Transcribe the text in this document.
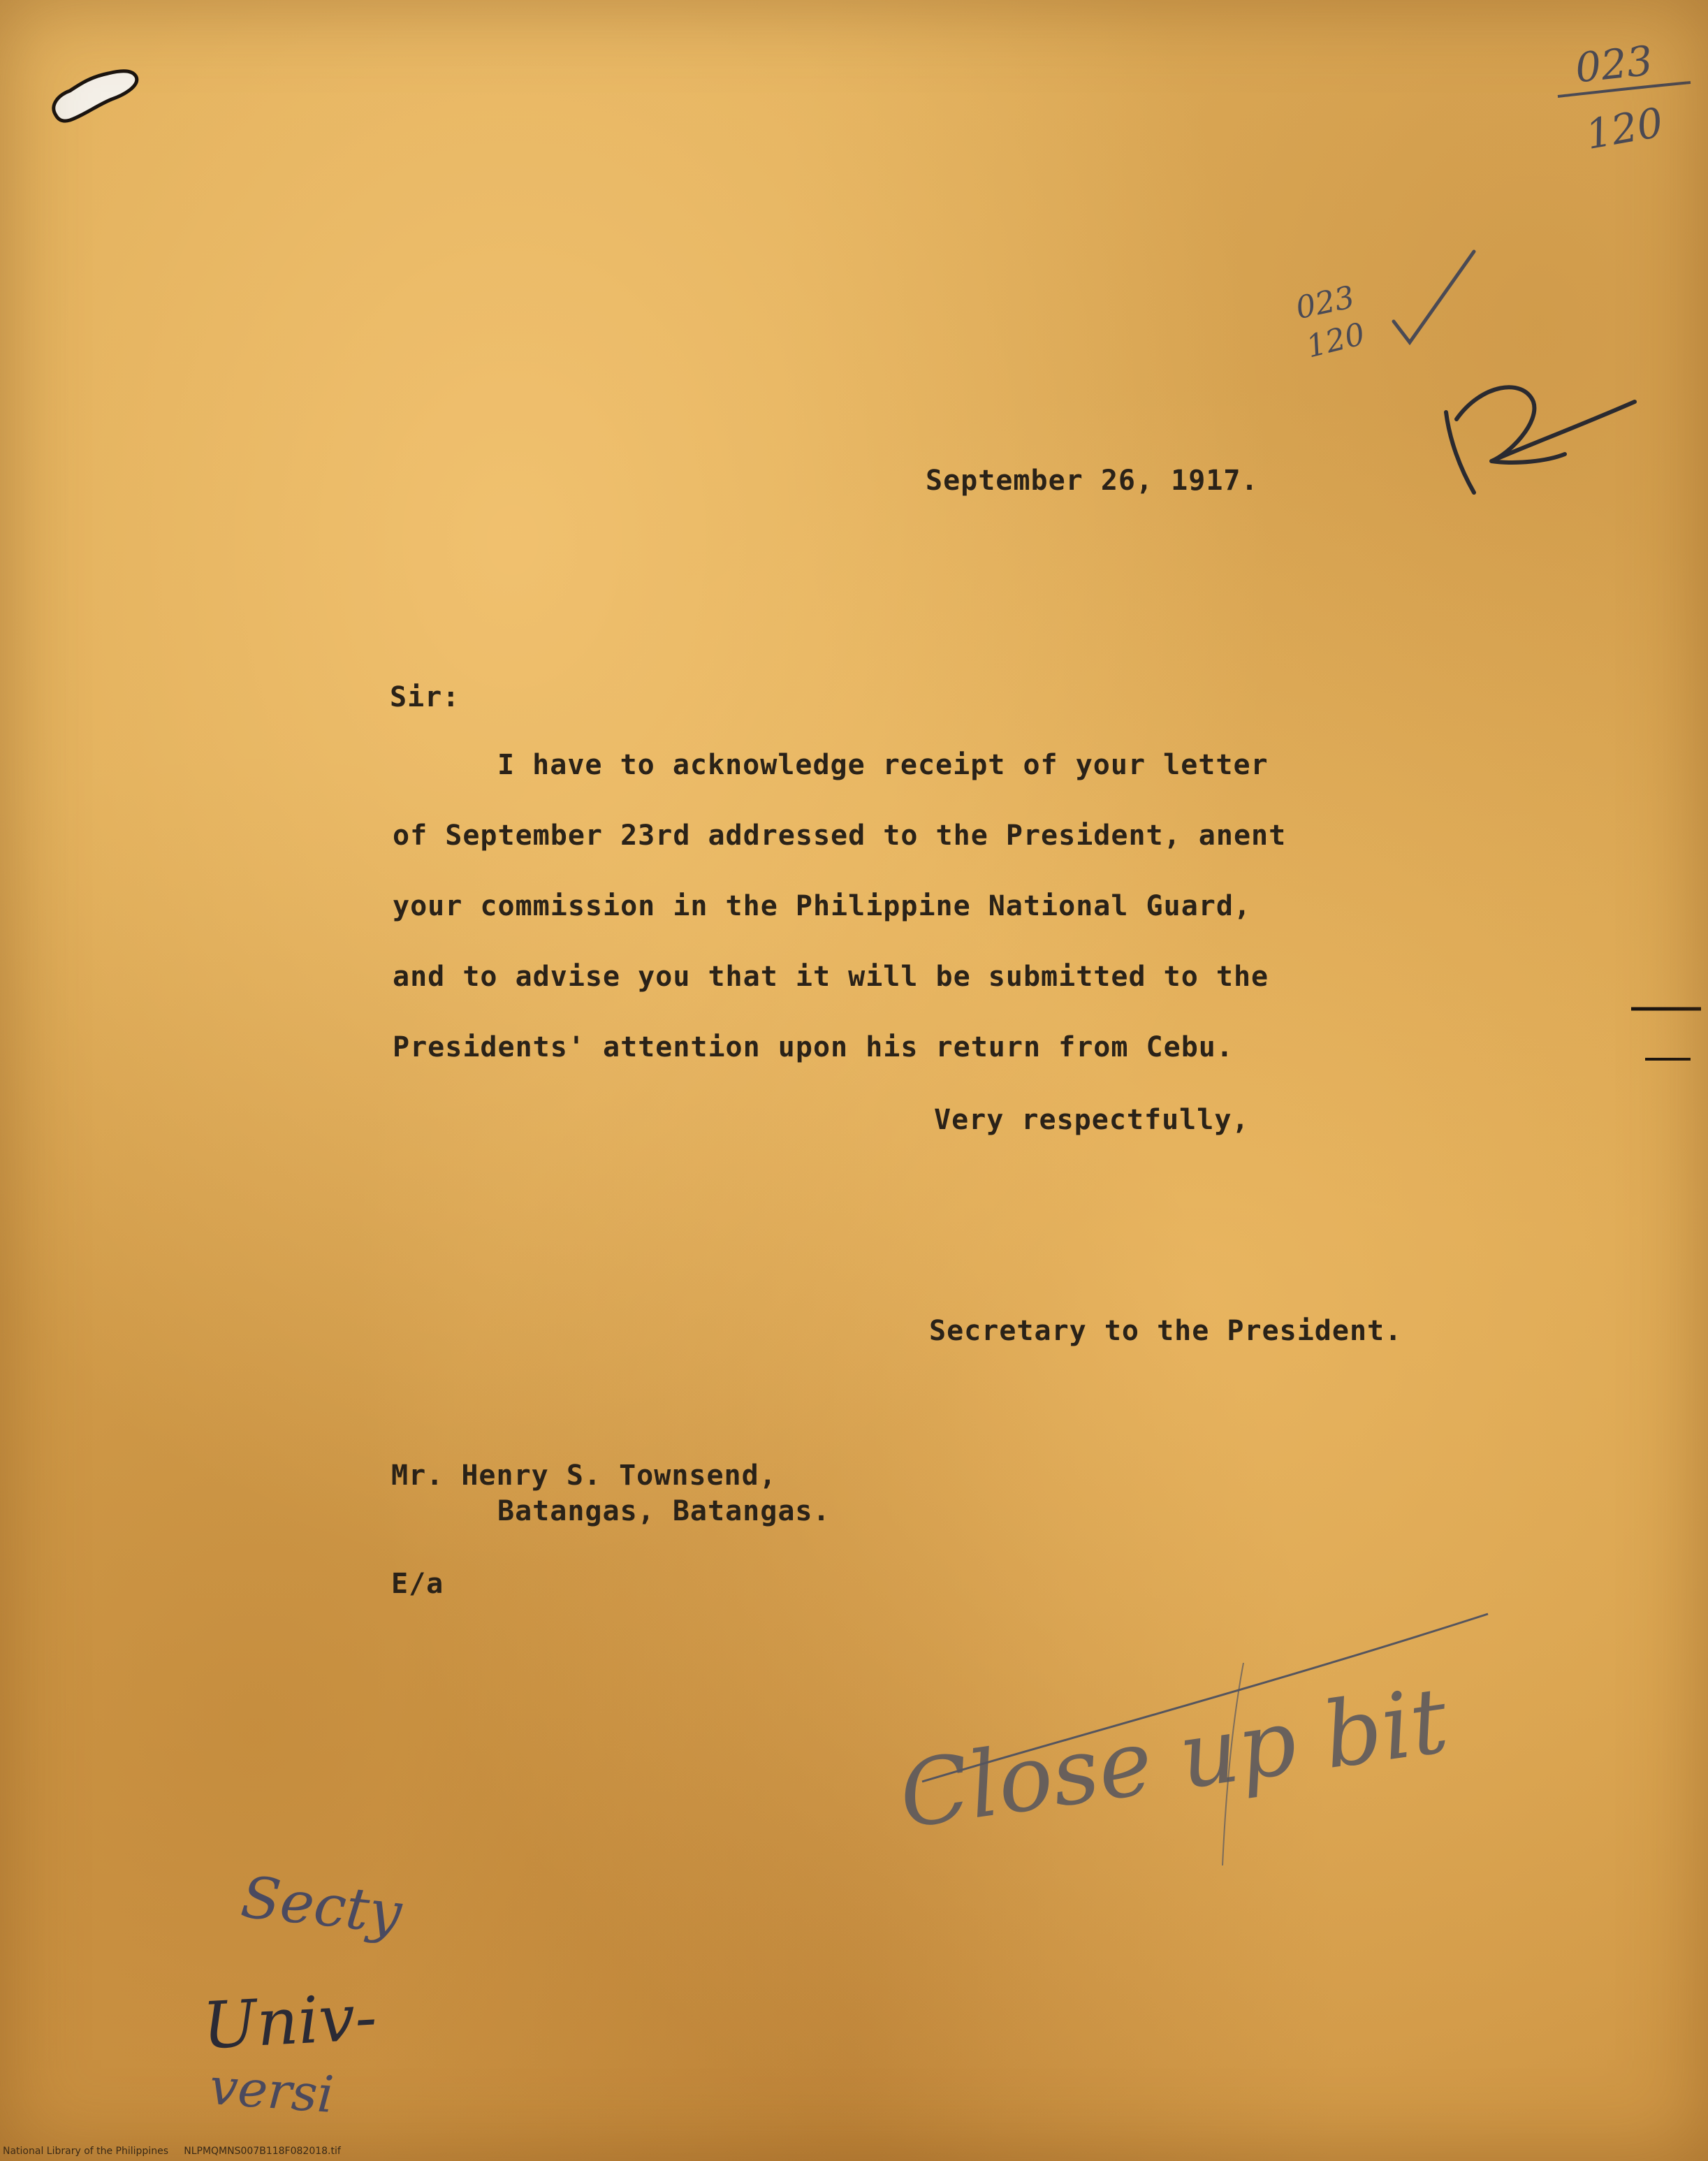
023
120
023
120

September 26, 1917.

Sir:

I have to acknowledge receipt of your letter

of September 23rd addressed to the President, anent

your commission in the Philippine National Guard,

and to advise you that it will be submitted to the

Presidents' attention upon his return from Cebu.

Very respectfully,

Secretary to the President.

Mr. Henry S. Townsend,

Batangas, Batangas.

E/a

Close up bit
Secty
Univ-
versi
National Library of the Philippines     NLPMQMNS007B118F082018.tif
